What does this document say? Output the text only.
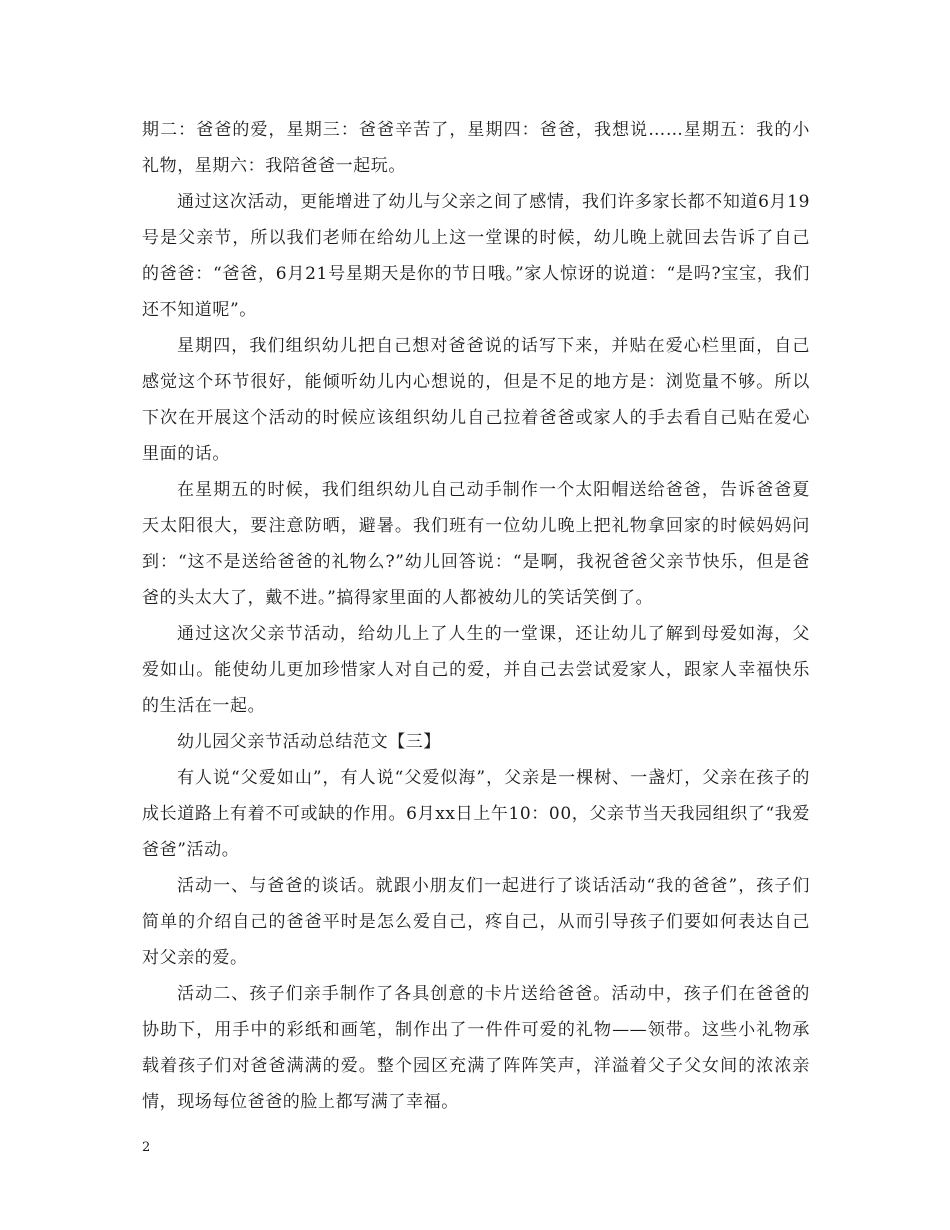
期二：爸爸的爱，星期三：爸爸辛苦了，星期四：爸爸，我想说……星期五：我的小礼物，星期六：我陪爸爸一起玩。

通过这次活动，更能增进了幼儿与父亲之间了感情，我们许多家长都不知道6月19号是父亲节，所以我们老师在给幼儿上这一堂课的时候，幼儿晚上就回去告诉了自己的爸爸：“爸爸，6月21号星期天是你的节日哦。”家人惊讶的说道：“是吗?宝宝，我们还不知道呢”。

星期四，我们组织幼儿把自己想对爸爸说的话写下来，并贴在爱心栏里面，自己感觉这个环节很好，能倾听幼儿内心想说的，但是不足的地方是：浏览量不够。所以下次在开展这个活动的时候应该组织幼儿自己拉着爸爸或家人的手去看自己贴在爱心里面的话。

在星期五的时候，我们组织幼儿自己动手制作一个太阳帽送给爸爸，告诉爸爸夏天太阳很大，要注意防晒，避暑。我们班有一位幼儿晚上把礼物拿回家的时候妈妈问到：“这不是送给爸爸的礼物么?”幼儿回答说：“是啊，我祝爸爸父亲节快乐，但是爸爸的头太大了，戴不进。”搞得家里面的人都被幼儿的笑话笑倒了。

通过这次父亲节活动，给幼儿上了人生的一堂课，还让幼儿了解到母爱如海，父爱如山。能使幼儿更加珍惜家人对自己的爱，并自己去尝试爱家人，跟家人幸福快乐的生活在一起。

幼儿园父亲节活动总结范文【三】

有人说“父爱如山”，有人说“父爱似海”，父亲是一棵树、一盏灯，父亲在孩子的成长道路上有着不可或缺的作用。6月xx日上午10：00，父亲节当天我园组织了“我爱爸爸”活动。

活动一、与爸爸的谈话。就跟小朋友们一起进行了谈话活动“我的爸爸”，孩子们简单的介绍自己的爸爸平时是怎么爱自己，疼自己，从而引导孩子们要如何表达自己对父亲的爱。

活动二、孩子们亲手制作了各具创意的卡片送给爸爸。活动中，孩子们在爸爸的协助下，用手中的彩纸和画笔，制作出了一件件可爱的礼物——领带。这些小礼物承载着孩子们对爸爸满满的爱。整个园区充满了阵阵笑声，洋溢着父子父女间的浓浓亲情，现场每位爸爸的脸上都写满了幸福。

2
